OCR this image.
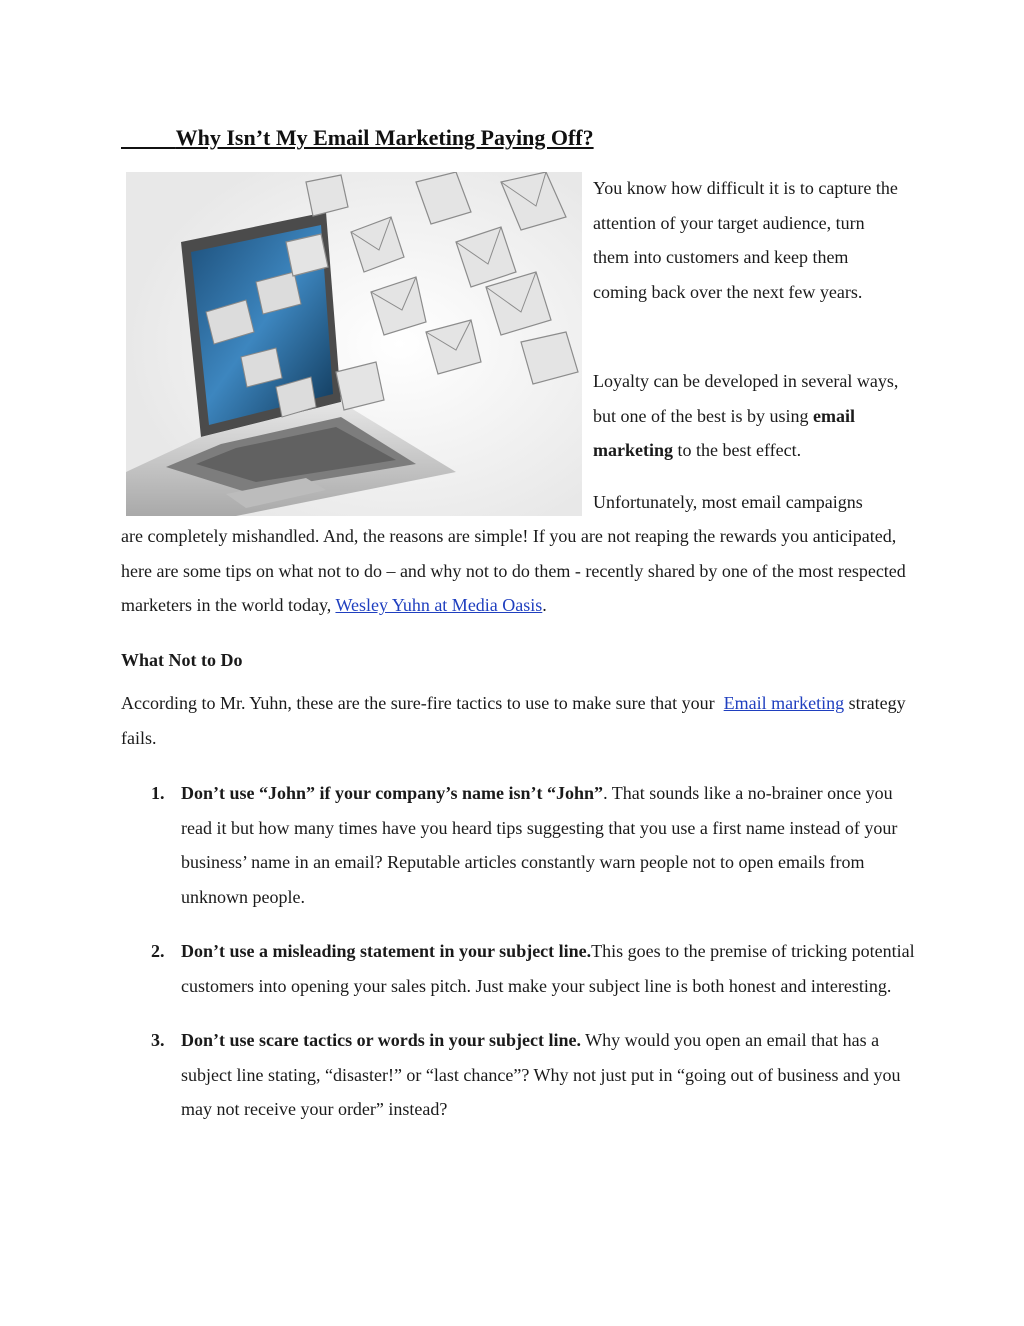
Why Isn’t My Email Marketing Paying Off?

You know how difficult it is to capture the attention of your target audience, turn them into customers and keep them coming back over the next few years.

Loyalty can be developed in several ways, but one of the best is by using email marketing to the best effect.

Unfortunately, most email campaigns

are completely mishandled. And, the reasons are simple! If you are not reaping the rewards you anticipated, here are some tips on what not to do – and why not to do them - recently shared by one of the most respected marketers in the world today, Wesley Yuhn at Media Oasis.

What Not to Do

According to Mr. Yuhn, these are the sure-fire tactics to use to make sure that your  Email marketing strategy fails.

1. Don’t use “John” if your company’s name isn’t “John”. That sounds like a no-brainer once you read it but how many times have you heard tips suggesting that you use a first name instead of your business’ name in an email? Reputable articles constantly warn people not to open emails from unknown people.
2. Don’t use a misleading statement in your subject line.This goes to the premise of tricking potential customers into opening your sales pitch. Just make your subject line is both honest and interesting.
3. Don’t use scare tactics or words in your subject line. Why would you open an email that has a subject line stating, “disaster!” or “last chance”? Why not just put in “going out of business and you may not receive your order” instead?
